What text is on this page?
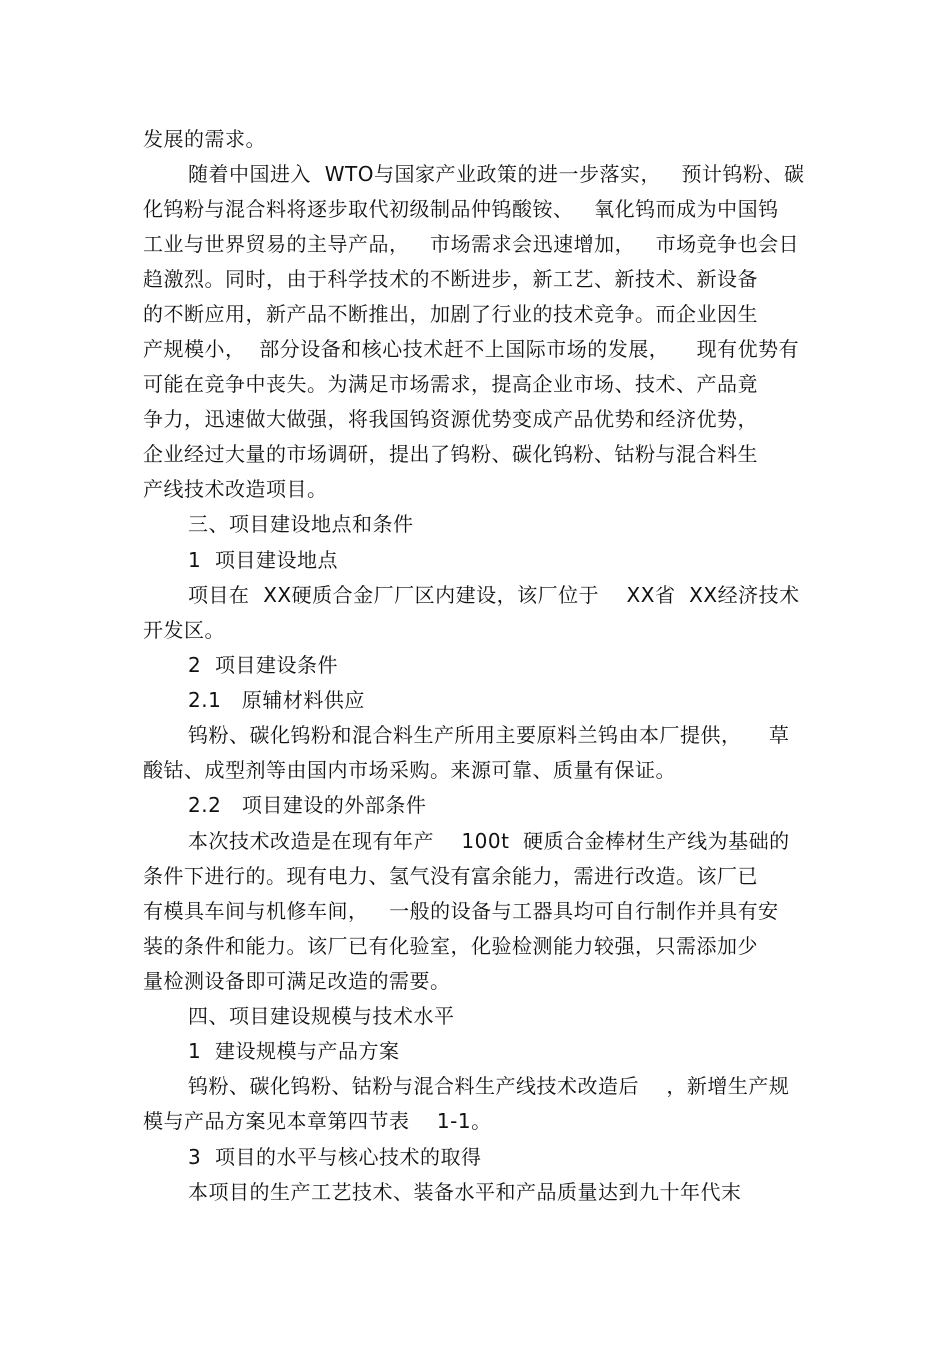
发展的需求。

随着中国进入  WTO与国家产业政策的进一步落实，   预计钨粉、碳

化钨粉与混合料将逐步取代初级制品仲钨酸铵、   氧化钨而成为中国钨

工业与世界贸易的主导产品，   市场需求会迅速增加，   市场竞争也会日

趋激烈。同时，由于科学技术的不断进步，新工艺、新技术、新设备

的不断应用，新产品不断推出，加剧了行业的技术竞争。而企业因生

产规模小，  部分设备和核心技术赶不上国际市场的发展，    现有优势有

可能在竞争中丧失。为满足市场需求，提高企业市场、技术、产品竟

争力，迅速做大做强，将我国钨资源优势变成产品优势和经济优势，

企业经过大量的市场调研，提出了钨粉、碳化钨粉、钴粉与混合料生

产线技术改造项目。

三、项目建设地点和条件

1  项目建设地点

项目在  XX硬质合金厂厂区内建设，该厂位于    XX省  XX经济技术

开发区。

2  项目建设条件

2.1   原辅材料供应

钨粉、碳化钨粉和混合料生产所用主要原料兰钨由本厂提供，    草

酸钴、成型剂等由国内市场采购。来源可靠、质量有保证。

2.2   项目建设的外部条件

本次技术改造是在现有年产    100t  硬质合金棒材生产线为基础的

条件下进行的。现有电力、氢气没有富余能力，需进行改造。该厂已

有模具车间与机修车间，   一般的设备与工器具均可自行制作并具有安

装的条件和能力。该厂已有化验室，化验检测能力较强，只需添加少

量检测设备即可满足改造的需要。

四、项目建设规模与技术水平

1  建设规模与产品方案

钨粉、碳化钨粉、钴粉与混合料生产线技术改造后    ，新增生产规

模与产品方案见本章第四节表    1-1。

3  项目的水平与核心技术的取得

本项目的生产工艺技术、装备水平和产品质量达到九十年代末
